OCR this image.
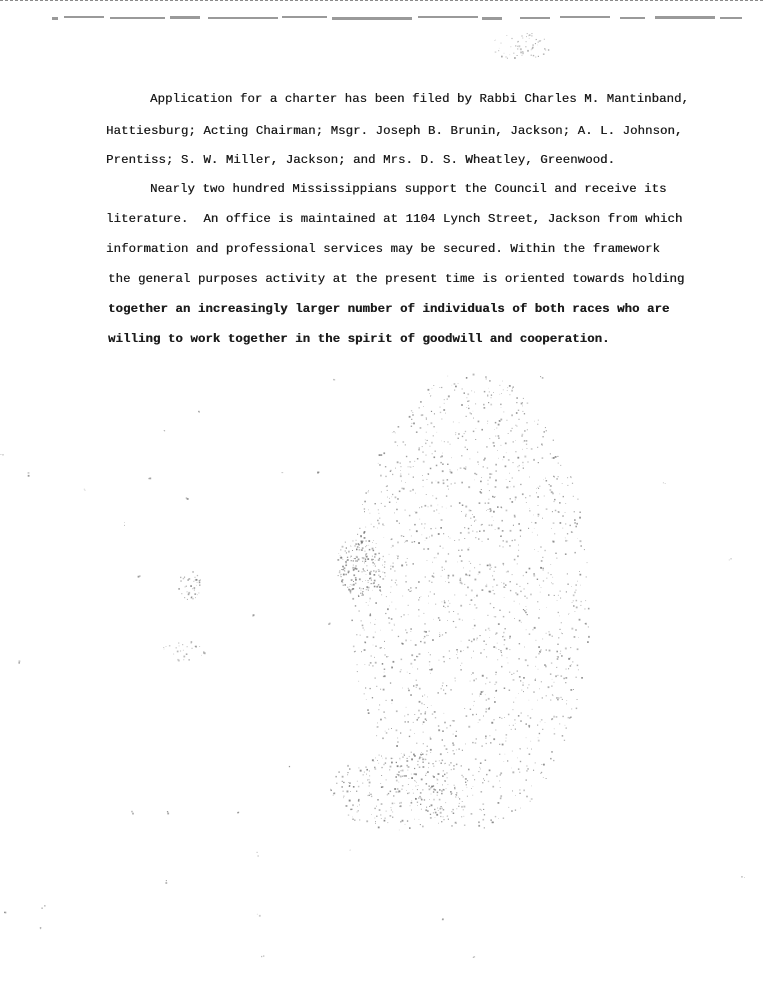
Application for a charter has been filed by Rabbi Charles M. Mantinband,
Hattiesburg; Acting Chairman; Msgr. Joseph B. Brunin, Jackson; A. L. Johnson,
Prentiss; S. W. Miller, Jackson; and Mrs. D. S. Wheatley, Greenwood.
Nearly two hundred Mississippians support the Council and receive its
literature.  An office is maintained at 1104 Lynch Street, Jackson from which
information and professional services may be secured. Within the framework
the general purposes activity at the present time is oriented towards holding
together an increasingly larger number of individuals of both races who are
willing to work together in the spirit of goodwill and cooperation.
